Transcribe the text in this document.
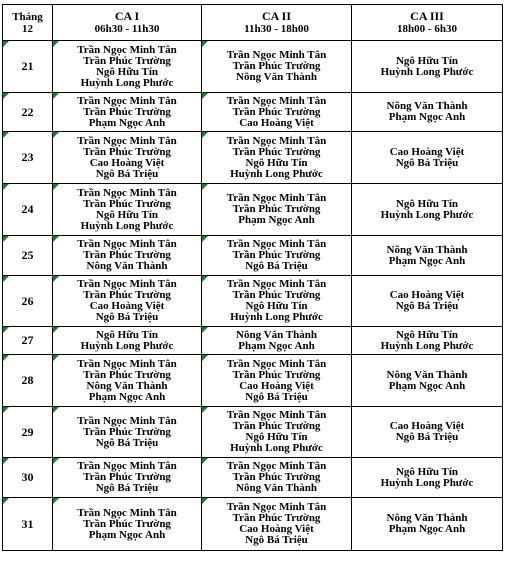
Tháng
12	CA I
06h30 - 11h30	CA II
11h30 - 18h00	CA III
18h00 - 6h30

21	Trần Ngọc Minh Tân
Trần Phúc Trường
Ngô Hữu Tín
Huỳnh Long Phước	Trần Ngọc Minh Tân
Trần Phúc Trường
Nông Văn Thành	Ngô Hữu Tín
Huỳnh Long Phước

22	Trần Ngọc Minh Tân
Trần Phúc Trường
Phạm Ngọc Anh	Trần Ngọc Minh Tân
Trần Phúc Trường
Cao Hoàng Việt	Nông Văn Thành
Phạm Ngọc Anh

23	Trần Ngọc Minh Tân
Trần Phúc Trường
Cao Hoàng Việt
Ngô Bá Triệu	Trần Ngọc Minh Tân
Trần Phúc Trường
Ngô Hữu Tín
Huỳnh Long Phước	Cao Hoàng Việt
Ngô Bá Triệu

24	Trần Ngọc Minh Tân
Trần Phúc Trường
Ngô Hữu Tín
Huỳnh Long Phước	Trần Ngọc Minh Tân
Trần Phúc Trường
Phạm Ngọc Anh	Ngô Hữu Tín
Huỳnh Long Phước

25	Trần Ngọc Minh Tân
Trần Phúc Trường
Nông Văn Thành	Trần Ngọc Minh Tân
Trần Phúc Trường
Ngô Bá Triệu	Nông Văn Thành
Phạm Ngọc Anh

26	Trần Ngọc Minh Tân
Trần Phúc Trường
Cao Hoàng Việt
Ngô Bá Triệu	Trần Ngọc Minh Tân
Trần Phúc Trường
Ngô Hữu Tín
Huỳnh Long Phước	Cao Hoàng Việt
Ngô Bá Triệu

27	Ngô Hữu Tín
Huỳnh Long Phước	Nông Văn Thành
Phạm Ngọc Anh	Ngô Hữu Tín
Huỳnh Long Phước

28	Trần Ngọc Minh Tân
Trần Phúc Trường
Nông Văn Thành
Phạm Ngọc Anh	Trần Ngọc Minh Tân
Trần Phúc Trường
Cao Hoàng Việt
Ngô Bá Triệu	Nông Văn Thành
Phạm Ngọc Anh

29	Trần Ngọc Minh Tân
Trần Phúc Trường
Ngô Bá Triệu	Trần Ngọc Minh Tân
Trần Phúc Trường
Ngô Hữu Tín
Huỳnh Long Phước	Cao Hoàng Việt
Ngô Bá Triệu

30	Trần Ngọc Minh Tân
Trần Phúc Trường
Ngô Bá Triệu	Trần Ngọc Minh Tân
Trần Phúc Trường
Nông Văn Thành	Ngô Hữu Tín
Huỳnh Long Phước

31	Trần Ngọc Minh Tân
Trần Phúc Trường
Phạm Ngọc Anh	Trần Ngọc Minh Tân
Trần Phúc Trường
Cao Hoàng Việt
Ngô Bá Triệu	Nông Văn Thành
Phạm Ngọc Anh
